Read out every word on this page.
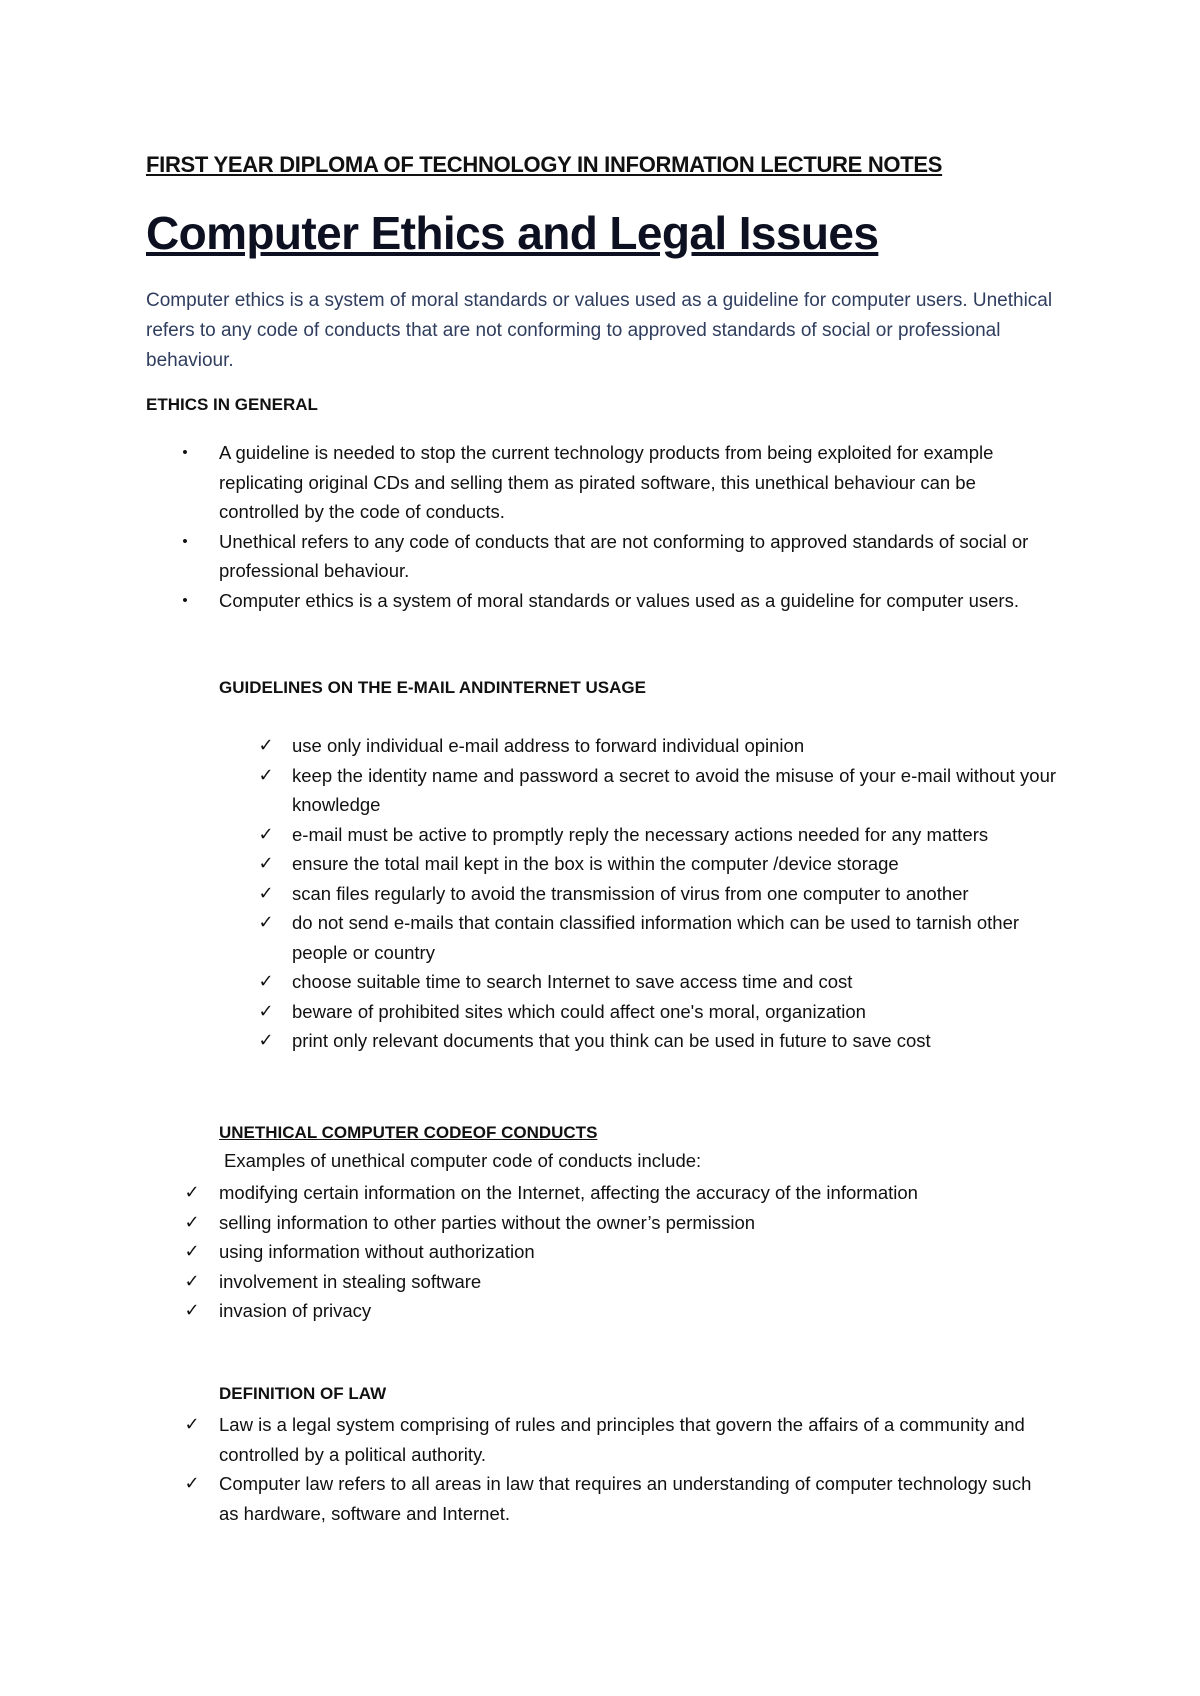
FIRST YEAR DIPLOMA OF TECHNOLOGY IN INFORMATION LECTURE NOTES

Computer Ethics and Legal Issues

Computer ethics is a system of moral standards or values used as a guideline for computer users. Unethical refers to any code of conducts that are not conforming to approved standards of social or professional behaviour.

ETHICS IN GENERAL

•	A guideline is needed to stop the current technology products from being exploited for example replicating original CDs and selling them as pirated software, this unethical behaviour can be controlled by the code of conducts.
•	Unethical refers to any code of conducts that are not conforming to approved standards of social or professional behaviour.
•	Computer ethics is a system of moral standards or values used as a guideline for computer users.

GUIDELINES ON THE E-MAIL ANDINTERNET USAGE

✓ use only individual e-mail address to forward individual opinion
✓ keep the identity name and password a secret to avoid the misuse of your e-mail without your knowledge
✓ e-mail must be active to promptly reply the necessary actions needed for any matters
✓ ensure the total mail kept in the box is within the computer /device storage
✓ scan files regularly to avoid the transmission of virus from one computer to another
✓ do not send e-mails that contain classified information which can be used to tarnish other people or country
✓ choose suitable time to search Internet to save access time and cost
✓ beware of prohibited sites which could affect one's moral, organization
✓ print only relevant documents that you think can be used in future to save cost

UNETHICAL COMPUTER CODEOF CONDUCTS

Examples of unethical computer code of conducts include:

✓ modifying certain information on the Internet, affecting the accuracy of the information
✓ selling information to other parties without the owner’s permission
✓ using information without authorization
✓ involvement in stealing software
✓ invasion of privacy

DEFINITION OF LAW

✓ Law is a legal system comprising of rules and principles that govern the affairs of a community and controlled by a political authority.
✓ Computer law refers to all areas in law that requires an understanding of computer technology such as hardware, software and Internet.
